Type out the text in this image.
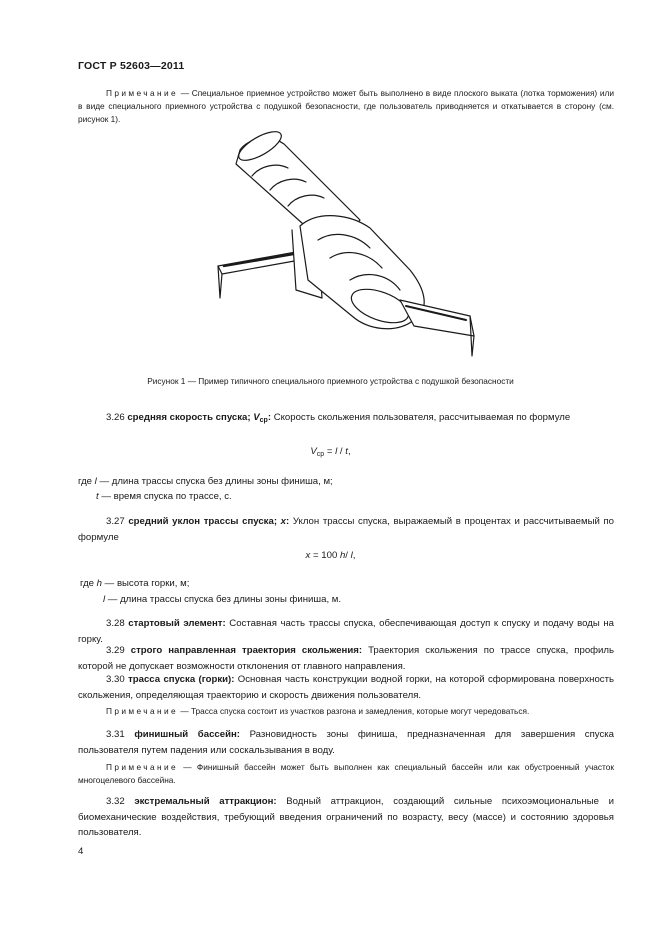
ГОСТ Р 52603—2011
Примечание — Специальное приемное устройство может быть выполнено в виде плоского выката (лотка торможения) или в виде специального приемного устройства с подушкой безопасности, где пользователь приводняется и откатывается в сторону (см. рисунок 1).
Рисунок 1 — Пример типичного специального приемного устройства с подушкой безопасности
3.26 средняя скорость спуска; $V_{ср}$: Скорость скольжения пользователя, рассчитываемая по формуле
$V_{ср} = l / t$,
где l — длина трассы спуска без длины зоны финиша, м;
t — время спуска по трассе, с.
3.27 средний уклон трассы спуска; x: Уклон трассы спуска, выражаемый в процентах и рассчитываемый по формуле
x = 100 h/ l,
где h — высота горки, м;
l — длина трассы спуска без длины зоны финиша, м.
3.28 стартовый элемент: Составная часть трассы спуска, обеспечивающая доступ к спуску и подачу воды на горку.
3.29 строго направленная траектория скольжения: Траектория скольжения по трассе спуска, профиль которой не допускает возможности отклонения от главного направления.
3.30 трасса спуска (горки): Основная часть конструкции водной горки, на которой сформирована поверхность скольжения, определяющая траекторию и скорость движения пользователя.
Примечание — Трасса спуска состоит из участков разгона и замедления, которые могут чередоваться.
3.31 финишный бассейн: Разновидность зоны финиша, предназначенная для завершения спуска пользователя путем падения или соскальзывания в воду.
Примечание — Финишный бассейн может быть выполнен как специальный бассейн или как обустроенный участок многоцелевого бассейна.
3.32 экстремальный аттракцион: Водный аттракцион, создающий сильные психоэмоциональные и биомеханические воздействия, требующий введения ограничений по возрасту, весу (массе) и состоянию здоровья пользователя.
4
